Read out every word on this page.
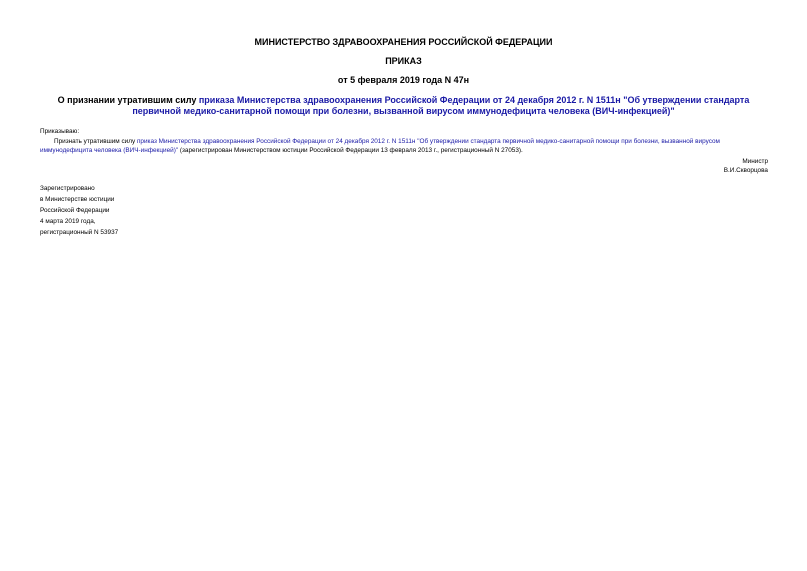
МИНИСТЕРСТВО ЗДРАВООХРАНЕНИЯ РОССИЙСКОЙ ФЕДЕРАЦИИ
ПРИКАЗ
от 5 февраля 2019 года N 47н
О признании утратившим силу приказа Министерства здравоохранения Российской Федерации от 24 декабря 2012 г. N 1511н "Об утверждении стандарта первичной медико-санитарной помощи при болезни, вызванной вирусом иммунодефицита человека (ВИЧ-инфекцией)"
Приказываю:
Признать утратившим силу приказ Министерства здравоохранения Российской Федерации от 24 декабря 2012 г. N 1511н "Об утверждении стандарта первичной медико-санитарной помощи при болезни, вызванной вирусом иммунодефицита человека (ВИЧ-инфекцией)" (зарегистрирован Министерством юстиции Российской Федерации 13 февраля 2013 г., регистрационный N 27053).
Министр
В.И.Скворцова
Зарегистрировано
в Министерстве юстиции
Российской Федерации
4 марта 2019 года,
регистрационный N 53937
